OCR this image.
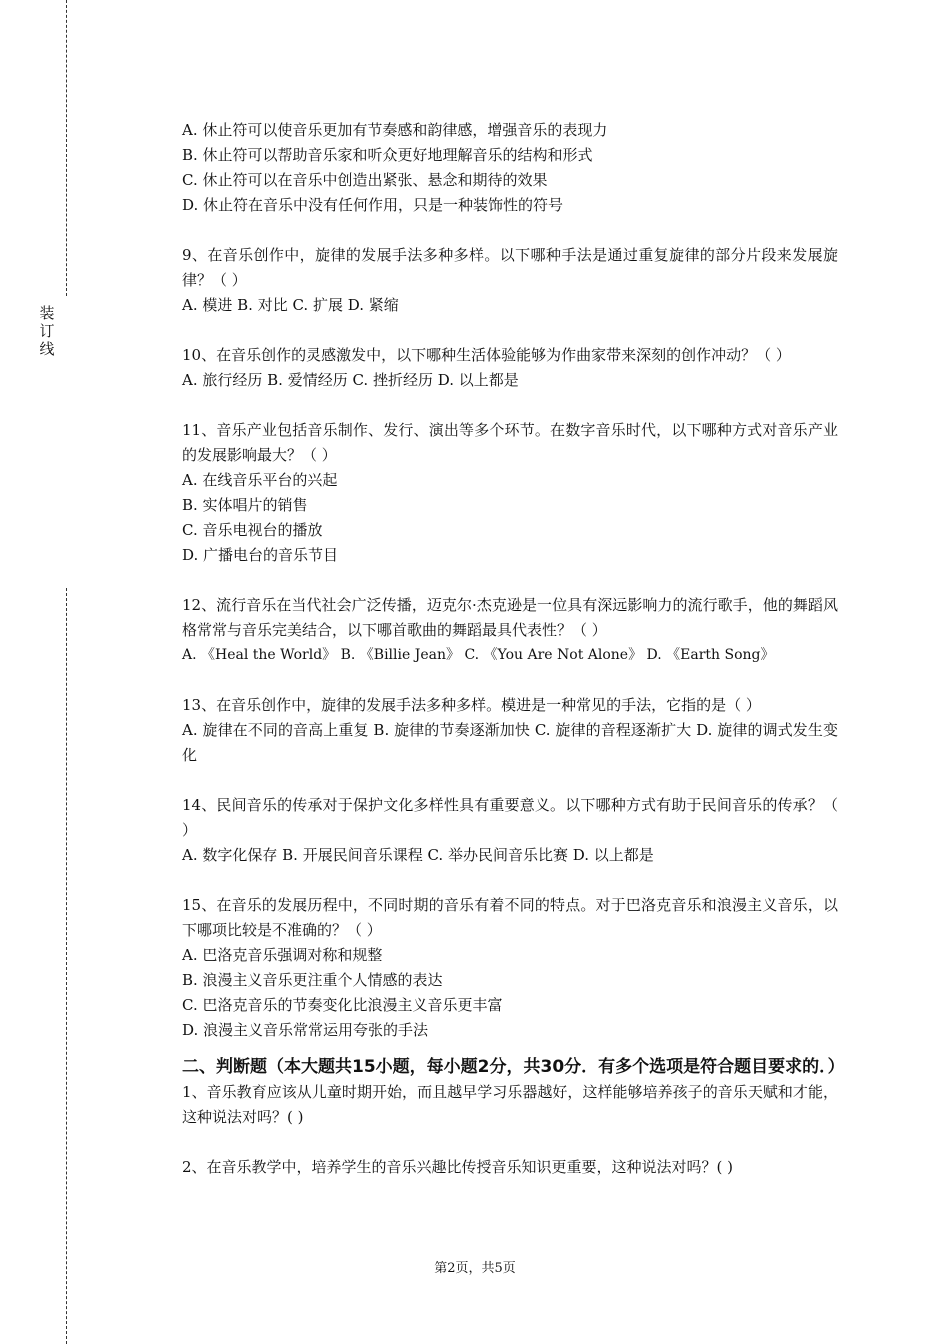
装
订
线

A. 休止符可以使音乐更加有节奏感和韵律感，增强音乐的表现力

B. 休止符可以帮助音乐家和听众更好地理解音乐的结构和形式

C. 休止符可以在音乐中创造出紧张、悬念和期待的效果

D. 休止符在音乐中没有任何作用，只是一种装饰性的符号

9、在音乐创作中，旋律的发展手法多种多样。以下哪种手法是通过重复旋律的部分片段来发展旋律？（ ）

A. 模进 B. 对比 C. 扩展 D. 紧缩

10、在音乐创作的灵感激发中，以下哪种生活体验能够为作曲家带来深刻的创作冲动？（ ）

A. 旅行经历 B. 爱情经历 C. 挫折经历 D. 以上都是

11、音乐产业包括音乐制作、发行、演出等多个环节。在数字音乐时代，以下哪种方式对音乐产业的发展影响最大？（ ）

A. 在线音乐平台的兴起

B. 实体唱片的销售

C. 音乐电视台的播放

D. 广播电台的音乐节目

12、流行音乐在当代社会广泛传播，迈克尔·杰克逊是一位具有深远影响力的流行歌手，他的舞蹈风格常常与音乐完美结合，以下哪首歌曲的舞蹈最具代表性？（ ）

A. 《Heal the World》 B. 《Billie Jean》 C. 《You Are Not Alone》 D. 《Earth Song》

13、在音乐创作中，旋律的发展手法多种多样。模进是一种常见的手法，它指的是（ ）

A. 旋律在不同的音高上重复 B. 旋律的节奏逐渐加快 C. 旋律的音程逐渐扩大 D. 旋律的调式发生变化

14、民间音乐的传承对于保护文化多样性具有重要意义。以下哪种方式有助于民间音乐的传承？（ ）

A. 数字化保存 B. 开展民间音乐课程 C. 举办民间音乐比赛 D. 以上都是

15、在音乐的发展历程中，不同时期的音乐有着不同的特点。对于巴洛克音乐和浪漫主义音乐，以下哪项比较是不准确的？（ ）

A. 巴洛克音乐强调对称和规整

B. 浪漫主义音乐更注重个人情感的表达

C. 巴洛克音乐的节奏变化比浪漫主义音乐更丰富

D. 浪漫主义音乐常常运用夸张的手法

二、判断题（本大题共15小题，每小题2分，共30分．有多个选项是符合题目要求的．）

1、音乐教育应该从儿童时期开始，而且越早学习乐器越好，这样能够培养孩子的音乐天赋和才能，这种说法对吗？( )

2、在音乐教学中，培养学生的音乐兴趣比传授音乐知识更重要，这种说法对吗？( )

第2页，共5页
